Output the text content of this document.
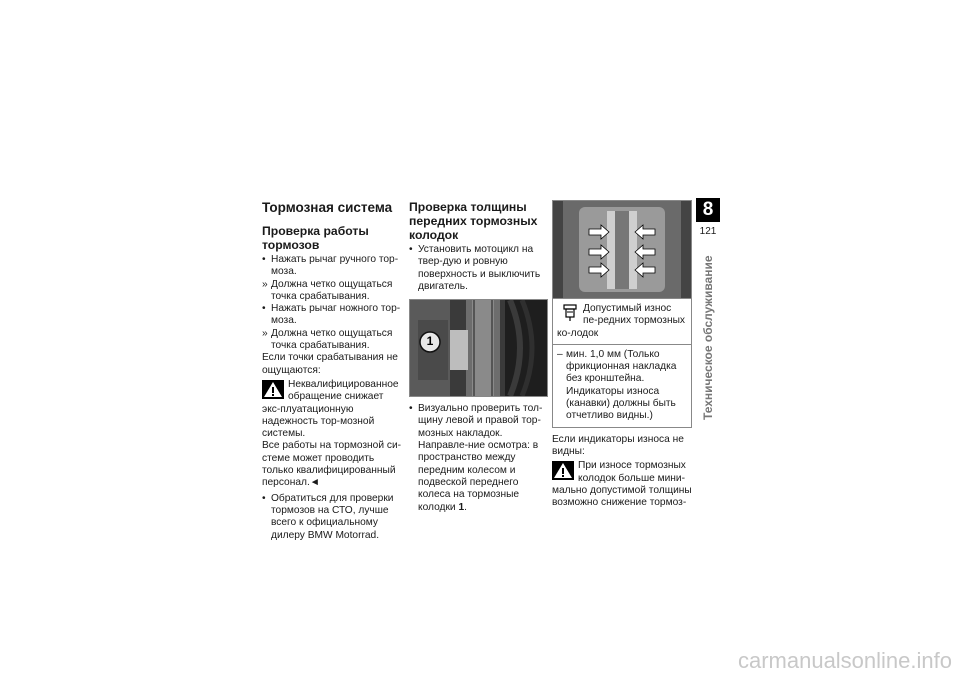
Тормозная система
Проверка работы тормозов
• Нажать рычаг ручного тор-моза.
» Должна четко ощущаться точка срабатывания.
• Нажать рычаг ножного тор-моза.
» Должна четко ощущаться точка срабатывания.

Если точки срабатывания не ощущаются:

Неквалифицированное обращение снижает экс-плуатационную надежность тор-мозной системы.

Все работы на тормозной си-стеме может проводить только квалифицированный персонал.◄

• Обратиться для проверки тормозов на СТО, лучше всего к официальному дилеру BMW Motorrad.
Проверка толщины передних тормозных колодок
• Установить мотоцикл на твер-дую и ровную поверхность и выключить двигатель.
1
• Визуально проверить тол-щину левой и правой тор-мозных накладок. Направле-ние осмотра: в пространство между передним колесом и подвеской переднего колеса на тормозные колодки 1.
Допустимый износ пе-редних тормозных ко-лодок
– мин. 1,0 мм (Только фрикционная накладка без кронштейна. Индикаторы износа (канавки) должны быть отчетливо видны.)

Если индикаторы износа не видны:

При износе тормозных колодок больше мини-мально допустимой толщины возможно снижение тормоз-
8
121
Техническое обслуживание
carmanualsonline.info
